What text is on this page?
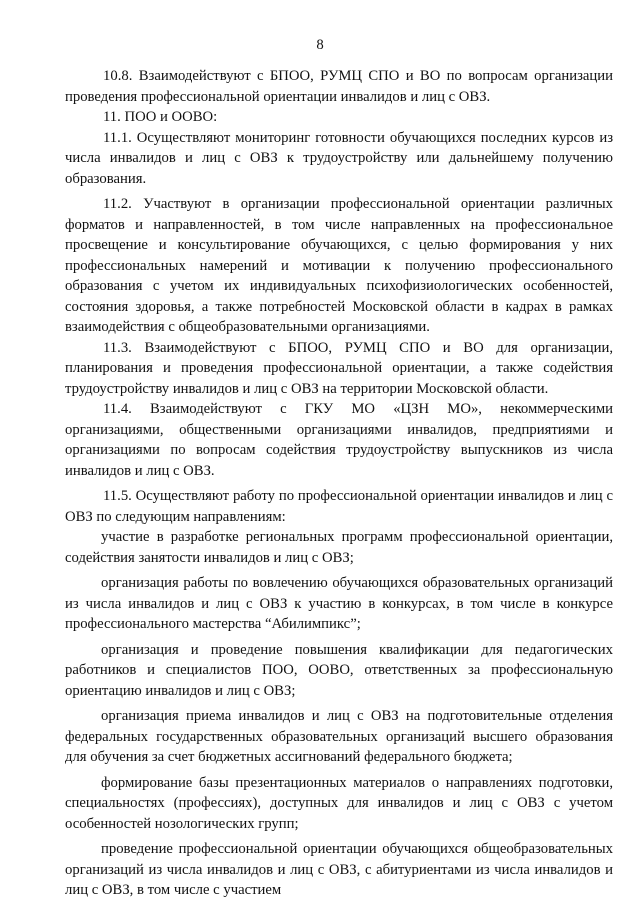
8

10.8. Взаимодействуют с БПОО, РУМЦ СПО и ВО по вопросам организации проведения профессиональной ориентации инвалидов и лиц с ОВЗ.

11. ПОО и ООВО:

11.1. Осуществляют мониторинг готовности обучающихся последних курсов из числа инвалидов и лиц с ОВЗ к трудоустройству или дальнейшему получению образования.

11.2. Участвуют в организации профессиональной ориентации различных форматов и направленностей, в том числе направленных на профессиональное просвещение и консультирование обучающихся, с целью формирования у них профессиональных намерений и мотивации к получению профессионального образования с учетом их индивидуальных психофизиологических особенностей, состояния здоровья, а также потребностей Московской области в кадрах в рамках взаимодействия с общеобразовательными организациями.

11.3. Взаимодействуют с БПОО, РУМЦ СПО и ВО для организации, планирования и проведения профессиональной ориентации, а также содействия трудоустройству инвалидов и лиц с ОВЗ на территории Московской области.

11.4. Взаимодействуют с ГКУ МО «ЦЗН МО», некоммерческими организациями, общественными организациями инвалидов, предприятиями и организациями по вопросам содействия трудоустройству выпускников из числа инвалидов и лиц с ОВЗ.

11.5. Осуществляют работу по профессиональной ориентации инвалидов и лиц с ОВЗ по следующим направлениям:

участие в разработке региональных программ профессиональной ориентации, содействия занятости инвалидов и лиц с ОВЗ;

организация работы по вовлечению обучающихся образовательных организаций из числа инвалидов и лиц с ОВЗ к участию в конкурсах, в том числе в конкурсе профессионального мастерства “Абилимпикс”;

организация и проведение повышения квалификации для педагогических работников и специалистов ПОО, ООВО, ответственных за профессиональную ориентацию инвалидов и лиц с ОВЗ;

организация приема инвалидов и лиц с ОВЗ на подготовительные отделения федеральных государственных образовательных организаций высшего образования для обучения за счет бюджетных ассигнований федерального бюджета;

формирование базы презентационных материалов о направлениях подготовки, специальностях (профессиях), доступных для инвалидов и лиц с ОВЗ с учетом особенностей нозологических групп;

проведение профессиональной ориентации обучающихся общеобразовательных организаций из числа инвалидов и лиц с ОВЗ, с абитуриентами из числа инвалидов и лиц с ОВЗ, в том числе с участием
